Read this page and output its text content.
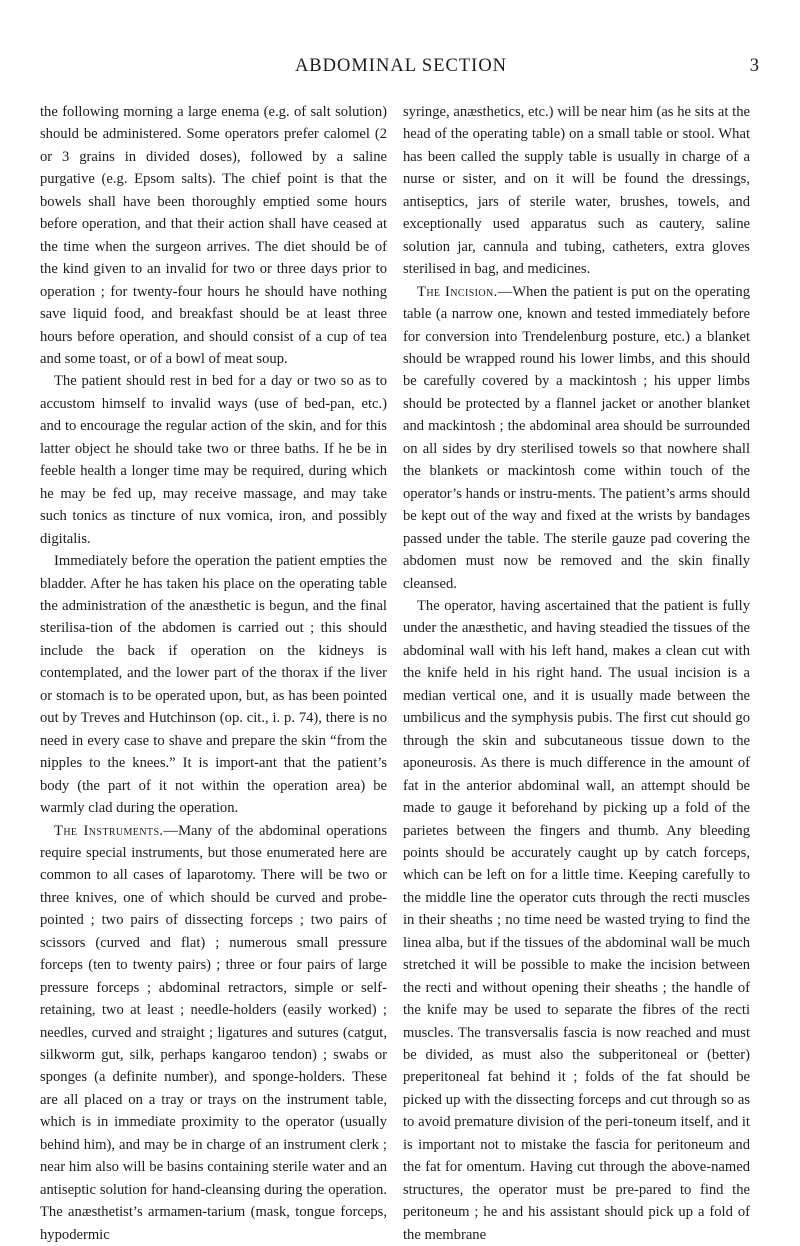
ABDOMINAL SECTION	3

the following morning a large enema (e.g. of salt solution) should be administered. Some operators prefer calomel (2 or 3 grains in divided doses), followed by a saline purgative (e.g. Epsom salts). The chief point is that the bowels shall have been thoroughly emptied some hours before operation, and that their action shall have ceased at the time when the surgeon arrives. The diet should be of the kind given to an invalid for two or three days prior to operation ; for twenty-four hours he should have nothing save liquid food, and breakfast should be at least three hours before operation, and should consist of a cup of tea and some toast, or of a bowl of meat soup.

The patient should rest in bed for a day or two so as to accustom himself to invalid ways (use of bed-pan, etc.) and to encourage the regular action of the skin, and for this latter object he should take two or three baths. If he be in feeble health a longer time may be required, during which he may be fed up, may receive massage, and may take such tonics as tincture of nux vomica, iron, and possibly digitalis.

Immediately before the operation the patient empties the bladder. After he has taken his place on the operating table the administration of the anæsthetic is begun, and the final sterilisa-tion of the abdomen is carried out ; this should include the back if operation on the kidneys is contemplated, and the lower part of the thorax if the liver or stomach is to be operated upon, but, as has been pointed out by Treves and Hutchinson (op. cit., i. p. 74), there is no need in every case to shave and prepare the skin “from the nipples to the knees.” It is import-ant that the patient’s body (the part of it not within the operation area) be warmly clad during the operation.

The Instruments.—Many of the abdominal operations require special instruments, but those enumerated here are common to all cases of laparotomy. There will be two or three knives, one of which should be curved and probe-pointed ; two pairs of dissecting forceps ; two pairs of scissors (curved and flat) ; numerous small pressure forceps (ten to twenty pairs) ; three or four pairs of large pressure forceps ; abdominal retractors, simple or self-retaining, two at least ; needle-holders (easily worked) ; needles, curved and straight ; ligatures and sutures (catgut, silkworm gut, silk, perhaps kangaroo tendon) ; swabs or sponges (a definite number), and sponge-holders. These are all placed on a tray or trays on the instrument table, which is in immediate proximity to the operator (usually behind him), and may be in charge of an instrument clerk ; near him also will be basins containing sterile water and an antiseptic solution for hand-cleansing during the operation. The anæsthetist’s armamen-tarium (mask, tongue forceps, hypodermic

syringe, anæsthetics, etc.) will be near him (as he sits at the head of the operating table) on a small table or stool. What has been called the supply table is usually in charge of a nurse or sister, and on it will be found the dressings, antiseptics, jars of sterile water, brushes, towels, and exceptionally used apparatus such as cautery, saline solution jar, cannula and tubing, catheters, extra gloves sterilised in bag, and medicines.

The Incision.—When the patient is put on the operating table (a narrow one, known and tested immediately before for conversion into Trendelenburg posture, etc.) a blanket should be wrapped round his lower limbs, and this should be carefully covered by a mackintosh ; his upper limbs should be protected by a flannel jacket or another blanket and mackintosh ; the abdominal area should be surrounded on all sides by dry sterilised towels so that nowhere shall the blankets or mackintosh come within touch of the operator’s hands or instru-ments. The patient’s arms should be kept out of the way and fixed at the wrists by bandages passed under the table. The sterile gauze pad covering the abdomen must now be removed and the skin finally cleansed.

The operator, having ascertained that the patient is fully under the anæsthetic, and having steadied the tissues of the abdominal wall with his left hand, makes a clean cut with the knife held in his right hand. The usual incision is a median vertical one, and it is usually made between the umbilicus and the symphysis pubis. The first cut should go through the skin and subcutaneous tissue down to the aponeurosis. As there is much difference in the amount of fat in the anterior abdominal wall, an attempt should be made to gauge it beforehand by picking up a fold of the parietes between the fingers and thumb. Any bleeding points should be accurately caught up by catch forceps, which can be left on for a little time. Keeping carefully to the middle line the operator cuts through the recti muscles in their sheaths ; no time need be wasted trying to find the linea alba, but if the tissues of the abdominal wall be much stretched it will be possible to make the incision between the recti and without opening their sheaths ; the handle of the knife may be used to separate the fibres of the recti muscles. The transversalis fascia is now reached and must be divided, as must also the subperitoneal or (better) preperitoneal fat behind it ; folds of the fat should be picked up with the dissecting forceps and cut through so as to avoid premature division of the peri-toneum itself, and it is important not to mistake the fascia for peritoneum and the fat for omentum. Having cut through the above-named structures, the operator must be pre-pared to find the peritoneum ; he and his assistant should pick up a fold of the membrane
